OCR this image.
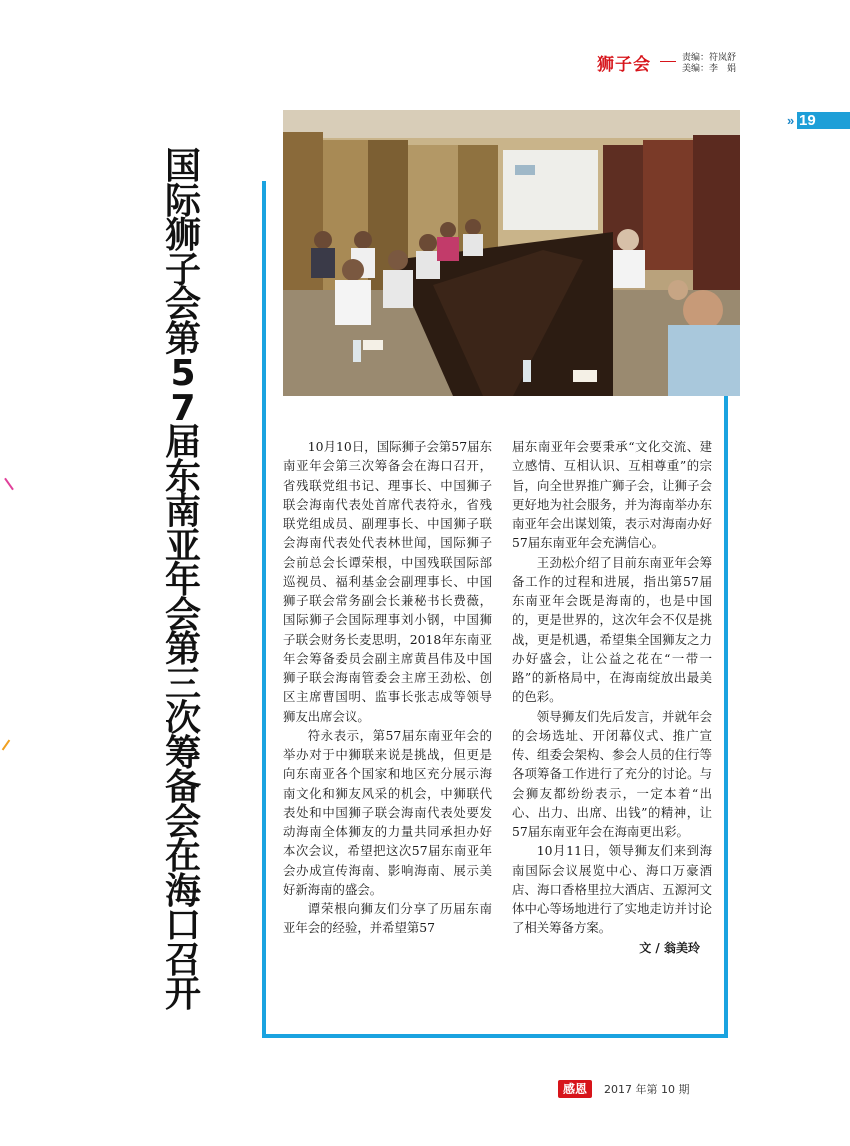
狮子会	责编：符岚舒
美编：李　娟
» 19
国际狮子会第57届东南亚年会第三次筹备会在海口召开

10月10日，国际狮子会第57届东南亚年会第三次筹备会在海口召开，省残联党组书记、理事长、中国狮子联会海南代表处首席代表符永，省残联党组成员、副理事长、中国狮子联会海南代表处代表林世闻，国际狮子会前总会长谭荣根，中国残联国际部巡视员、福利基金会副理事长、中国狮子联会常务副会长兼秘书长费薇，国际狮子会国际理事刘小钢，中国狮子联会财务长麦思明，2018年东南亚年会筹备委员会副主席黄昌伟及中国狮子联会海南管委会主席王劲松、创区主席曹国明、监事长张志成等领导狮友出席会议。

符永表示，第57届东南亚年会的举办对于中狮联来说是挑战，但更是向东南亚各个国家和地区充分展示海南文化和狮友风采的机会，中狮联代表处和中国狮子联会海南代表处要发动海南全体狮友的力量共同承担办好本次会议，希望把这次57届东南亚年会办成宣传海南、影响海南、展示美好新海南的盛会。

谭荣根向狮友们分享了历届东南亚年会的经验，并希望第57

届东南亚年会要秉承“文化交流、建立感情、互相认识、互相尊重”的宗旨，向全世界推广狮子会，让狮子会更好地为社会服务，并为海南举办东南亚年会出谋划策，表示对海南办好57届东南亚年会充满信心。

王劲松介绍了目前东南亚年会筹备工作的过程和进展，指出第57届东南亚年会既是海南的，也是中国的，更是世界的，这次年会不仅是挑战，更是机遇，希望集全国狮友之力办好盛会，让公益之花在“一带一路”的新格局中，在海南绽放出最美的色彩。

领导狮友们先后发言，并就年会的会场选址、开闭幕仪式、推广宣传、组委会架构、参会人员的住行等各项筹备工作进行了充分的讨论。与会狮友都纷纷表示，一定本着“出心、出力、出席、出钱”的精神，让57届东南亚年会在海南更出彩。

10月11日，领导狮友们来到海南国际会议展览中心、海口万豪酒店、海口香格里拉大酒店、五源河文体中心等场地进行了实地走访并讨论了相关筹备方案。

文 / 翁美玲

感恩	2017 年第 10 期
